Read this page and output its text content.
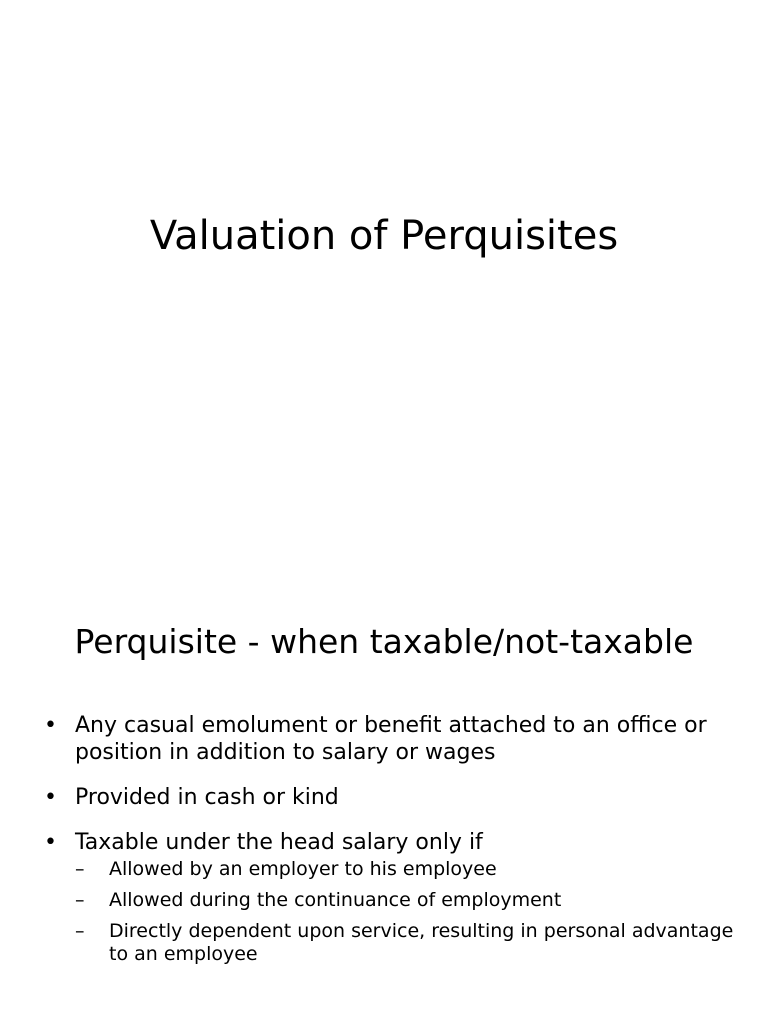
Valuation of Perquisites
Perquisite - when taxable/not-taxable
• Any casual emolument or benefit attached to an office or position in addition to salary or wages
• Provided in cash or kind
• Taxable under the head salary only if
– Allowed by an employer to his employee
– Allowed during the continuance of employment
– Directly dependent upon service, resulting in personal advantage to an employee
